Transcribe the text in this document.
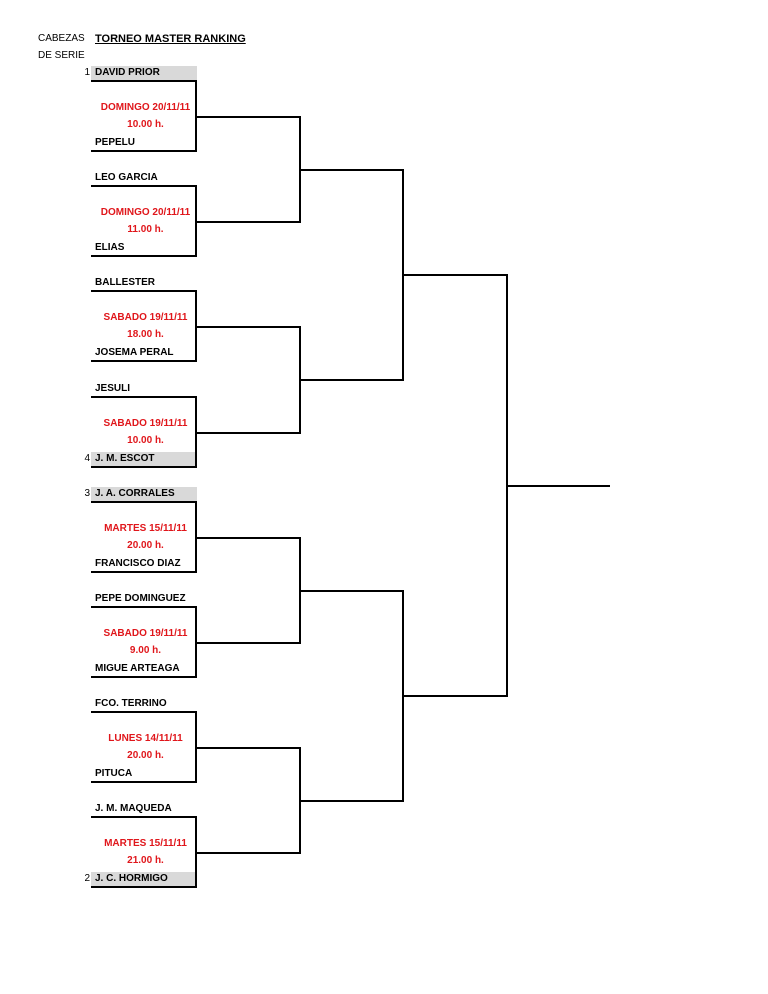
CABEZAS
DE SERIE
TORNEO MASTER RANKING
1 DAVID PRIOR
DOMINGO 20/11/11
10.00 h.
PEPELU
LEO GARCIA
DOMINGO 20/11/11
11.00 h.
ELIAS
BALLESTER
SABADO 19/11/11
18.00 h.
JOSEMA PERAL
4
JESULI
SABADO 19/11/11
10.00 h.
J. M. ESCOT
3 J. A. CORRALES
MARTES 15/11/11
20.00 h.
FRANCISCO DIAZ
PEPE DOMINGUEZ
SABADO 19/11/11
9.00 h.
MIGUE ARTEAGA
FCO. TERRINO
LUNES 14/11/11
20.00 h.
PITUCA
2
J. M. MAQUEDA
MARTES 15/11/11
21.00 h.
J. C. HORMIGO
